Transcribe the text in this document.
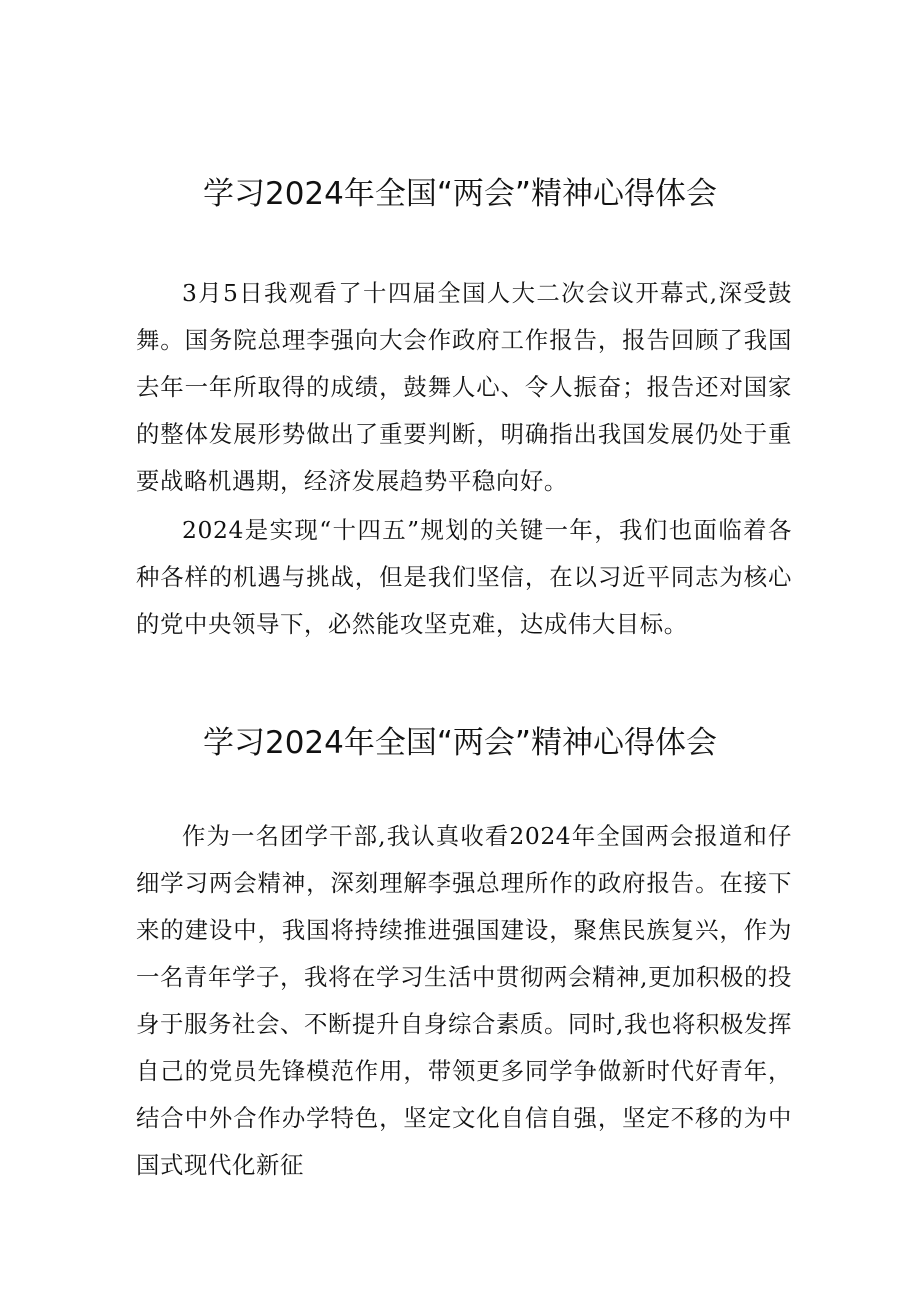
学习2024年全国“两会”精神心得体会

3月5日我观看了十四届全国人大二次会议开幕式,深受鼓舞。国务院总理李强向大会作政府工作报告，报告回顾了我国去年一年所取得的成绩，鼓舞人心、令人振奋；报告还对国家的整体发展形势做出了重要判断，明确指出我国发展仍处于重要战略机遇期，经济发展趋势平稳向好。

2024是实现“十四五”规划的关键一年，我们也面临着各种各样的机遇与挑战，但是我们坚信，在以习近平同志为核心的党中央领导下，必然能攻坚克难，达成伟大目标。

学习2024年全国“两会”精神心得体会

作为一名团学干部,我认真收看2024年全国两会报道和仔细学习两会精神，深刻理解李强总理所作的政府报告。在接下来的建设中，我国将持续推进强国建设，聚焦民族复兴，作为一名青年学子，我将在学习生活中贯彻两会精神,更加积极的投身于服务社会、不断提升自身综合素质。同时,我也将积极发挥自己的党员先锋模范作用，带领更多同学争做新时代好青年，结合中外合作办学特色，坚定文化自信自强，坚定不移的为中国式现代化新征
